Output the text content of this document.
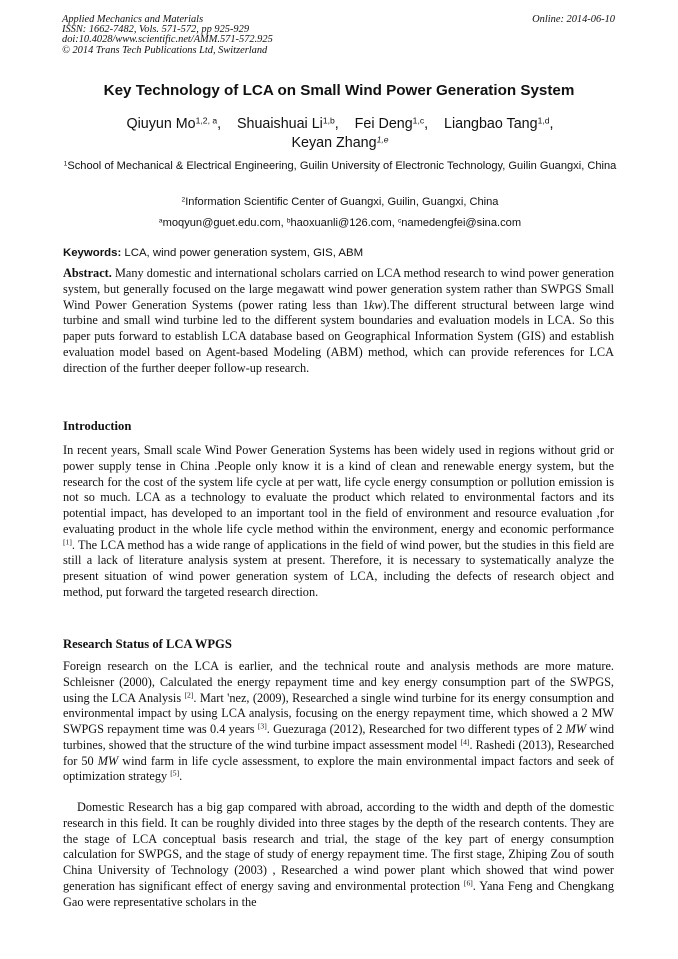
Applied Mechanics and Materials
ISSN: 1662-7482, Vols. 571-572, pp 925-929
doi:10.4028/www.scientific.net/AMM.571-572.925
© 2014 Trans Tech Publications Ltd, Switzerland
Online: 2014-06-10
Key Technology of LCA on Small Wind Power Generation System
Qiuyun Mo$^{1,2, a}$,    Shuaishuai Li$^{1,b}$,    Fei Deng$^{1,c}$,    Liangbao Tang$^{1,d}$,
Keyan Zhang$^{1,e}$
$^1$School of Mechanical & Electrical Engineering, Guilin University of Electronic Technology, Guilin Guangxi, China
$^2$Information Scientific Center of Guangxi, Guilin, Guangxi, China
$^a$moqyun@guet.edu.com, $^b$haoxuanli@126.com, $^c$namedengfei@sina.com
Keywords: LCA, wind power generation system, GIS, ABM
Abstract. Many domestic and international scholars carried on LCA method research to wind power generation system, but generally focused on the large megawatt wind power generation system rather than SWPGS Small Wind Power Generation Systems (power rating less than 1kw).The different structural between large wind turbine and small wind turbine led to the different system boundaries and evaluation models in LCA. So this paper puts forward to establish LCA database based on Geographical Information System (GIS) and establish evaluation model based on Agent-based Modeling (ABM) method, which can provide references for LCA direction of the further deeper follow-up research.
Introduction
In recent years, Small scale Wind Power Generation Systems has been widely used in regions without grid or power supply tense in China .People only know it is a kind of clean and renewable energy system, but the research for the cost of the system life cycle at per watt, life cycle energy consumption or pollution emission is not so much. LCA as a technology to evaluate the product which related to environmental factors and its potential impact, has developed to an important tool in the field of environment and resource evaluation ,for evaluating product in the whole life cycle method within the environment, energy and economic performance [1]. The LCA method has a wide range of applications in the field of wind power, but the studies in this field are still a lack of literature analysis system at present. Therefore, it is necessary to systematically analyze the present situation of wind power generation system of LCA, including the defects of research object and method, put forward the targeted research direction.
Research Status of LCA WPGS
Foreign research on the LCA is earlier, and the technical route and analysis methods are more mature. Schleisner (2000), Calculated the energy repayment time and key energy consumption part of the SWPGS, using the LCA Analysis [2]. Mart 'nez, (2009), Researched a single wind turbine for its energy consumption and environmental impact by using LCA analysis, focusing on the energy repayment time, which showed a 2 MW SWPGS repayment time was 0.4 years [3]. Guezuraga (2012), Researched for two different types of 2 MW wind turbines, showed that the structure of the wind turbine impact assessment model [4]. Rashedi (2013), Researched for 50 MW wind farm in life cycle assessment, to explore the main environmental impact factors and seek of optimization strategy [5].
Domestic Research has a big gap compared with abroad, according to the width and depth of the domestic research in this field. It can be roughly divided into three stages by the depth of the research contents. They are the stage of LCA conceptual basis research and trial, the stage of the key part of energy consumption calculation for SWPGS, and the stage of study of energy repayment time. The first stage, Zhiping Zou of south China University of Technology (2003) , Researched a wind power plant which showed that wind power generation has significant effect of energy saving and environmental protection [6]. Yana Feng and Chengkang Gao were representative scholars in the
